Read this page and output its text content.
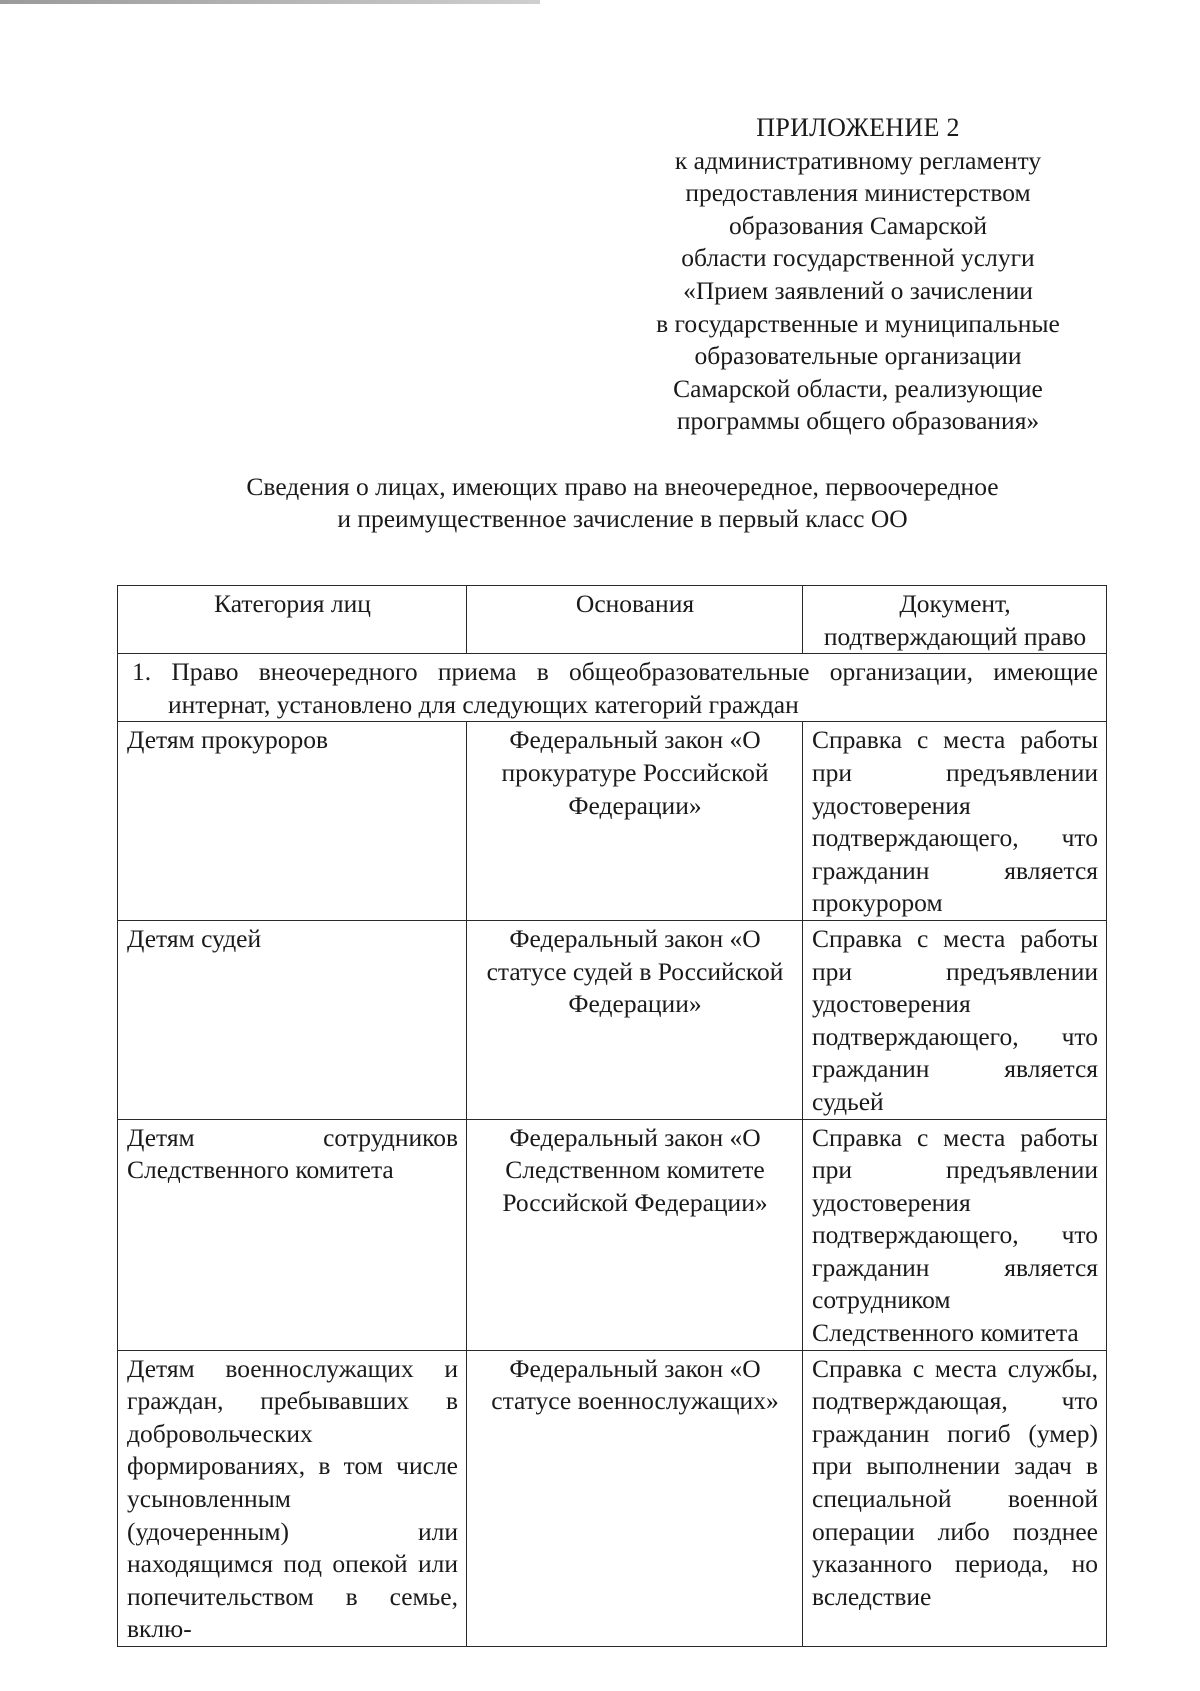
ПРИЛОЖЕНИЕ 2
к административному регламенту
предоставления министерством
образования Самарской
области государственной услуги
«Прием заявлений о зачислении
в государственные и муниципальные
образовательные организации
Самарской области, реализующие
программы общего образования»
Сведения о лицах, имеющих право на внеочередное, первоочередное
и преимущественное зачисление в первый класс ОО
Категория лиц	Основания	Документ, подтверждающий право

1. Право внеочередного приема в общеобразовательные организации, имеющие интернат, установлено для следующих категорий граждан		

Детям прокуроров	Федеральный закон «О прокуратуре Российской Федерации»	Справка с места работы при предъявлении удостоверения подтверждающего, что гражданин является прокурором
Детям судей	Федеральный закон «О статусе судей в Российской Федерации»	Справка с места работы при предъявлении удостоверения подтверждающего, что гражданин является судьей
Детям сотрудников Следственного комитета	Федеральный закон «О Следственном комитете Российской Федерации»	Справка с места работы при предъявлении удостоверения подтверждающего, что гражданин является сотрудником Следственного комитета
Детям военнослужащих и граждан, пребывавших в добровольческих формированиях, в том числе усыновленным (удочеренным) или находящимся под опекой или попечительством в семье, вклю-	Федеральный закон «О статусе военнослужащих»	Справка с места службы, подтверждающая, что гражданин погиб (умер) при выполнении задач в специальной военной операции либо позднее указанного периода, но вследствие
